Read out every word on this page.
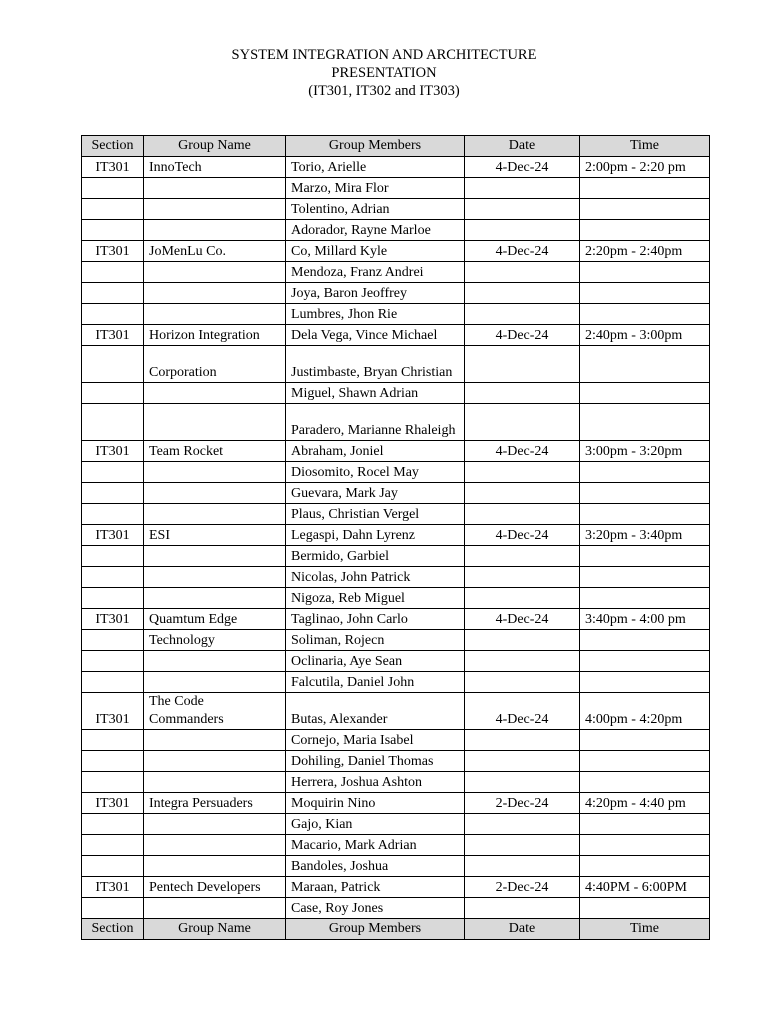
SYSTEM INTEGRATION AND ARCHITECTURE
PRESENTATION
(IT301, IT302 and IT303)
Section	Group Name	Group Members	Date	Time
IT301	InnoTech	Torio, Arielle	4-Dec-24	2:00pm - 2:20 pm
		Marzo, Mira Flor		
		Tolentino, Adrian		
		Adorador, Rayne Marloe		
IT301	JoMenLu Co.	Co, Millard Kyle	4-Dec-24	2:20pm - 2:40pm
		Mendoza, Franz Andrei		
		Joya, Baron Jeoffrey		
		Lumbres, Jhon Rie		
IT301	Horizon Integration	Dela Vega, Vince Michael	4-Dec-24	2:40pm - 3:00pm
	Corporation	Justimbaste, Bryan Christian		
		Miguel, Shawn Adrian		
		Paradero, Marianne Rhaleigh		
IT301	Team Rocket	Abraham, Joniel	4-Dec-24	3:00pm - 3:20pm
		Diosomito, Rocel May		
		Guevara, Mark Jay		
		Plaus, Christian Vergel		
IT301	ESI	Legaspi, Dahn Lyrenz	4-Dec-24	3:20pm - 3:40pm
		Bermido, Garbiel		
		Nicolas, John Patrick		
		Nigoza, Reb Miguel		
IT301	Quamtum Edge	Taglinao, John Carlo	4-Dec-24	3:40pm - 4:00 pm
	Technology	Soliman, Rojecn		
		Oclinaria, Aye Sean		
		Falcutila, Daniel John		
IT301	The Code Commanders	Butas, Alexander	4-Dec-24	4:00pm - 4:20pm
		Cornejo, Maria Isabel		
		Dohiling, Daniel Thomas		
		Herrera, Joshua Ashton		
IT301	Integra Persuaders	Moquirin Nino	2-Dec-24	4:20pm - 4:40 pm
		Gajo, Kian		
		Macario, Mark Adrian		
		Bandoles, Joshua		
IT301	Pentech Developers	Maraan, Patrick	2-Dec-24	4:40PM - 6:00PM
		Case, Roy Jones		
Section	Group Name	Group Members	Date	Time
